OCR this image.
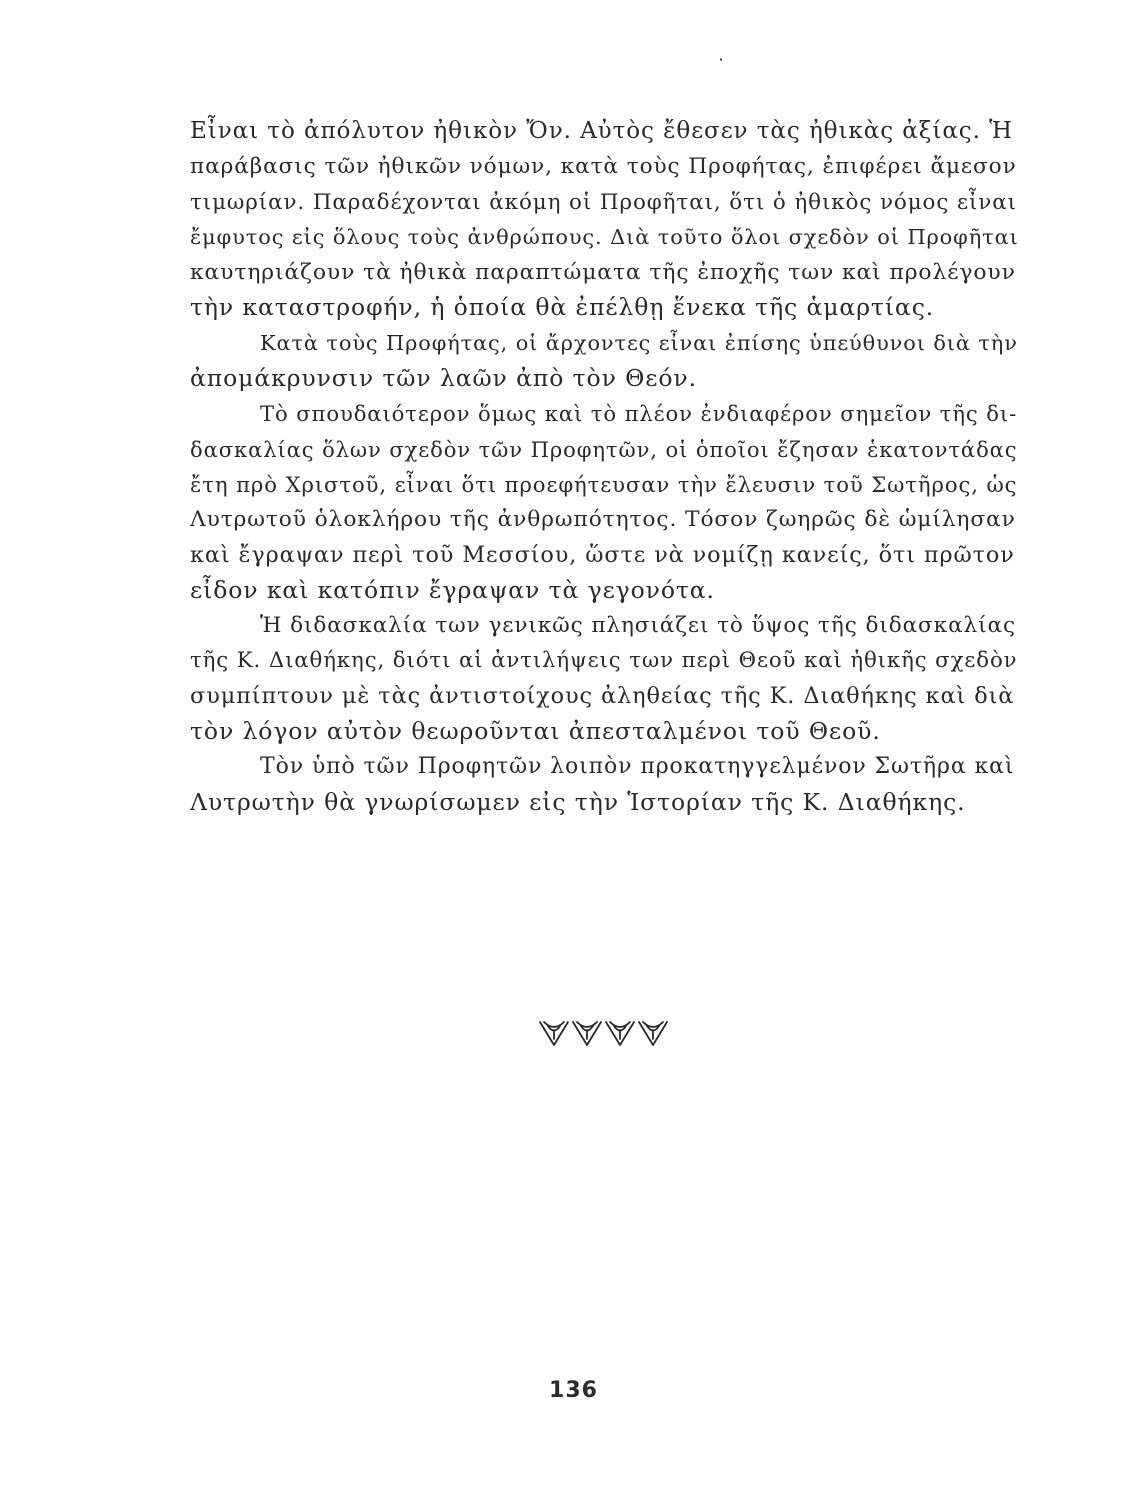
Εἶναι τὸ ἀπόλυτον ἠθικὸν Ὄν. Αὐτὸς ἔθεσεν τὰς ἠθικὰς ἀξίας. Ἡ
παράβασις τῶν ἠθικῶν νόμων, κατὰ τοὺς Προφήτας, ἐπιφέρει ἄμεσον
τιμωρίαν. Παραδέχονται ἀκόμη οἱ Προφῆται, ὅτι ὁ ἠθικὸς νόμος εἶναι
ἔμφυτος εἰς ὅλους τοὺς ἀνθρώπους. Διὰ τοῦτο ὅλοι σχεδὸν οἱ Προφῆται
καυτηριάζουν τὰ ἠθικὰ παραπτώματα τῆς ἐποχῆς των καὶ προλέγουν
τὴν καταστροφήν, ἡ ὁποία θὰ ἐπέλθῃ ἕνεκα τῆς ἁμαρτίας.
Κατὰ τοὺς Προφήτας, οἱ ἄρχοντες εἶναι ἐπίσης ὑπεύθυνοι διὰ τὴν
ἀπομάκρυνσιν τῶν λαῶν ἀπὸ τὸν Θεόν.
Τὸ σπουδαιότερον ὅμως καὶ τὸ πλέον ἐνδιαφέρον σημεῖον τῆς δι-
δασκαλίας ὅλων σχεδὸν τῶν Προφητῶν, οἱ ὁποῖοι ἔζησαν ἑκατοντάδας
ἔτη πρὸ Χριστοῦ, εἶναι ὅτι προεφήτευσαν τὴν ἔλευσιν τοῦ Σωτῆρος, ὡς
Λυτρωτοῦ ὁλοκλήρου τῆς ἀνθρωπότητος. Τόσον ζωηρῶς δὲ ὡμίλησαν
καὶ ἔγραψαν περὶ τοῦ Μεσσίου, ὥστε νὰ νομίζῃ κανείς, ὅτι πρῶτον
εἶδον καὶ κατόπιν ἔγραψαν τὰ γεγονότα.
Ἡ διδασκαλία των γενικῶς πλησιάζει τὸ ὕψος τῆς διδασκαλίας
τῆς Κ. Διαθήκης, διότι αἱ ἀντιλήψεις των περὶ Θεοῦ καὶ ἠθικῆς σχεδὸν
συμπίπτουν μὲ τὰς ἀντιστοίχους ἀληθείας τῆς Κ. Διαθήκης καὶ διὰ
τὸν λόγον αὐτὸν θεωροῦνται ἀπεσταλμένοι τοῦ Θεοῦ.
Τὸν ὑπὸ τῶν Προφητῶν λοιπὸν προκατηγγελμένον Σωτῆρα καὶ
Λυτρωτὴν θὰ γνωρίσωμεν εἰς τὴν Ἱστορίαν τῆς Κ. Διαθήκης.
136
